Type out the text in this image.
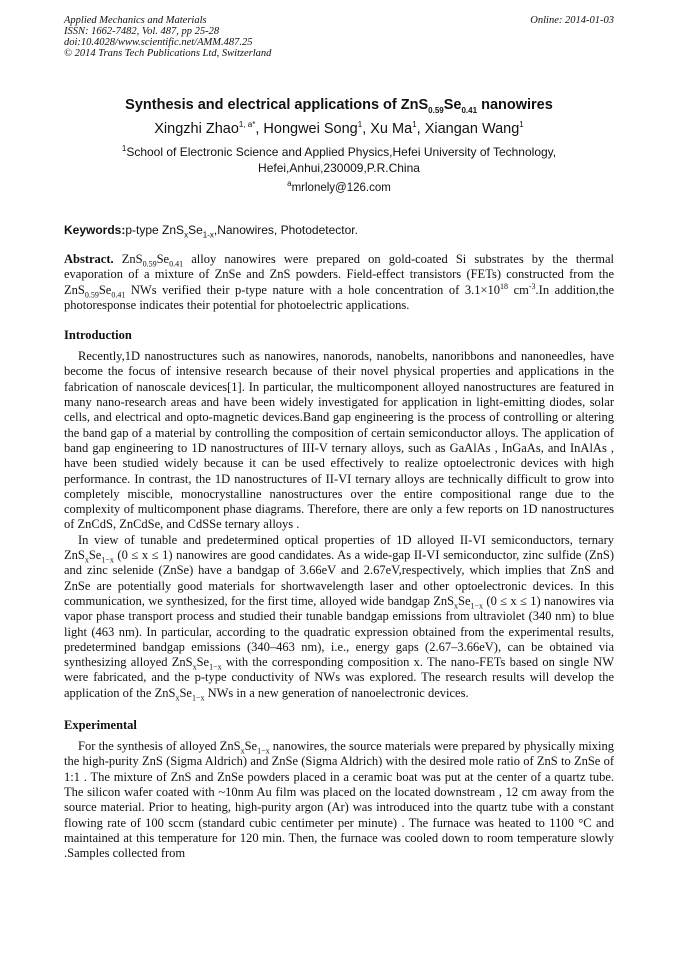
Applied Mechanics and Materials
ISSN: 1662-7482, Vol. 487, pp 25-28
doi:10.4028/www.scientific.net/AMM.487.25
© 2014 Trans Tech Publications Ltd, Switzerland
Online: 2014-01-03
Synthesis and electrical applications of $ZnS_{0.59}Se_{0.41}$ nanowires
Xingzhi Zhao$^{1, a*}$, Hongwei Song$^1$, Xu Ma$^1$, Xiangan Wang$^1$
$^1$School of Electronic Science and Applied Physics,Hefei University of Technology,
Hefei,Anhui,230009,P.R.China
$^a$mrlonely@126.com
Keywords:p-type $ZnS_xSe_{1-x},Nanowires$, Photodetector.
Abstract. $ZnS_{0.59}Se_{0.41}$ alloy nanowires were prepared on gold-coated Si substrates by the thermal evaporation of a mixture of ZnSe and ZnS powders. Field-effect transistors (FETs) constructed from the $ZnS_{0.59}Se_{0.41}$ NWs verified their p-type nature with a hole concentration of $3.1\times 10^{18}$ $cm^{-3}.In$ addition,the photoresponse indicates their potential for photoelectric applications.
Introduction

Recently,1D nanostructures such as nanowires, nanorods, nanobelts, nanoribbons and nanoneedles, have become the focus of intensive research because of their novel physical properties and applications in the fabrication of nanoscale devices[1]. In particular, the multicomponent alloyed nanostructures are featured in many nano-research areas and have been widely investigated for application in light-emitting diodes, solar cells, and electrical and opto-magnetic devices.Band gap engineering is the process of controlling or altering the band gap of a material by controlling the composition of certain semiconductor alloys. The application of band gap engineering to 1D nanostructures of III-V ternary alloys, such as GaAlAs , InGaAs, and InAlAs , have been studied widely because it can be used effectively to realize optoelectronic devices with high performance. In contrast, the 1D nanostructures of II-VI ternary alloys are technically difficult to grow into completely miscible, monocrystalline nanostructures over the entire compositional range due to the complexity of multicomponent phase diagrams. Therefore, there are only a few reports on 1D nanostructures of ZnCdS, ZnCdSe, and CdSSe ternary alloys .

In view of tunable and predetermined optical properties of 1D alloyed II-VI semiconductors, ternary $ZnS_xSe_{1-x}$ (0 ≤ x ≤ 1) nanowires are good candidates. As a wide-gap II-VI semiconductor, zinc sulfide (ZnS) and zinc selenide (ZnSe) have a bandgap of 3.66eV and 2.67eV,respectively, which implies that ZnS and ZnSe are potentially good materials for shortwavelength laser and other optoelectronic devices. In this communication, we synthesized, for the first time, alloyed wide bandgap $ZnS_xSe_{1-x}$ (0 ≤ x ≤ 1) nanowires via vapor phase transport process and studied their tunable bandgap emissions from ultraviolet (340 nm) to blue light (463 nm). In particular, according to the quadratic expression obtained from the experimental results, predetermined bandgap emissions (340–463 nm), i.e., energy gaps (2.67–3.66eV), can be obtained via synthesizing alloyed $ZnS_xSe_{1-x}$ with the corresponding composition x. The nano-FETs based on single NW were fabricated, and the p-type conductivity of NWs was explored. The research results will develop the application of the $ZnS_xSe_{1-x}$ NWs in a new generation of nanoelectronic devices.

Experimental

For the synthesis of alloyed $ZnS_xSe_{1-x}$ nanowires, the source materials were prepared by physically mixing the high-purity ZnS (Sigma Aldrich) and ZnSe (Sigma Aldrich) with the desired mole ratio of ZnS to ZnSe of 1:1 . The mixture of ZnS and ZnSe powders placed in a ceramic boat was put at the center of a quartz tube. The silicon wafer coated with ~10nm Au film was placed on the located downstream , 12 cm away from the source material. Prior to heating, high-purity argon (Ar) was introduced into the quartz tube with a constant flowing rate of 100 sccm (standard cubic centimeter per minute) . The furnace was heated to 1100 °C and maintained at this temperature for 120 min. Then, the furnace was cooled down to room temperature slowly .Samples collected from
